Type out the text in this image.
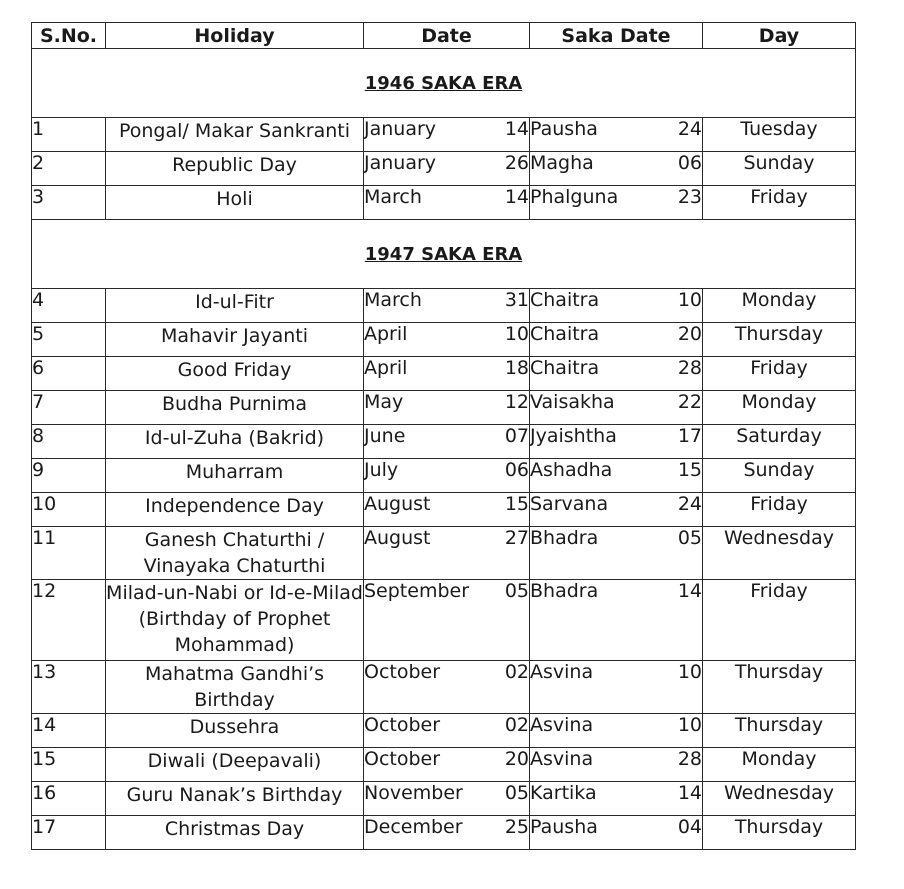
S.No.	Holiday	Date	Saka Date	Day
1946 SAKA ERA				
1	Pongal/ Makar Sankranti	January 14	Pausha 24	Tuesday
2	Republic Day	January 26	Magha 06	Sunday
3	Holi	March 14	Phalguna 23	Friday
1947 SAKA ERA				
4	Id-ul-Fitr	March 31	Chaitra 10	Monday
5	Mahavir Jayanti	April 10	Chaitra 20	Thursday
6	Good Friday	April 18	Chaitra 28	Friday
7	Budha Purnima	May 12	Vaisakha 22	Monday
8	Id-ul-Zuha (Bakrid)	June 07	Jyaishtha 17	Saturday
9	Muharram	July 06	Ashadha 15	Sunday
10	Independence Day	August 15	Sarvana 24	Friday
11	Ganesh Chaturthi / Vinayaka Chaturthi	August 27	Bhadra 05	Wednesday
12	Milad-un-Nabi or Id-e-Milad (Birthday of Prophet Mohammad)	September 05	Bhadra 14	Friday
13	Mahatma Gandhi’s Birthday	October 02	Asvina 10	Thursday
14	Dussehra	October 02	Asvina 10	Thursday
15	Diwali (Deepavali)	October 20	Asvina 28	Monday
16	Guru Nanak’s Birthday	November 05	Kartika 14	Wednesday
17	Christmas Day	December 25	Pausha 04	Thursday
